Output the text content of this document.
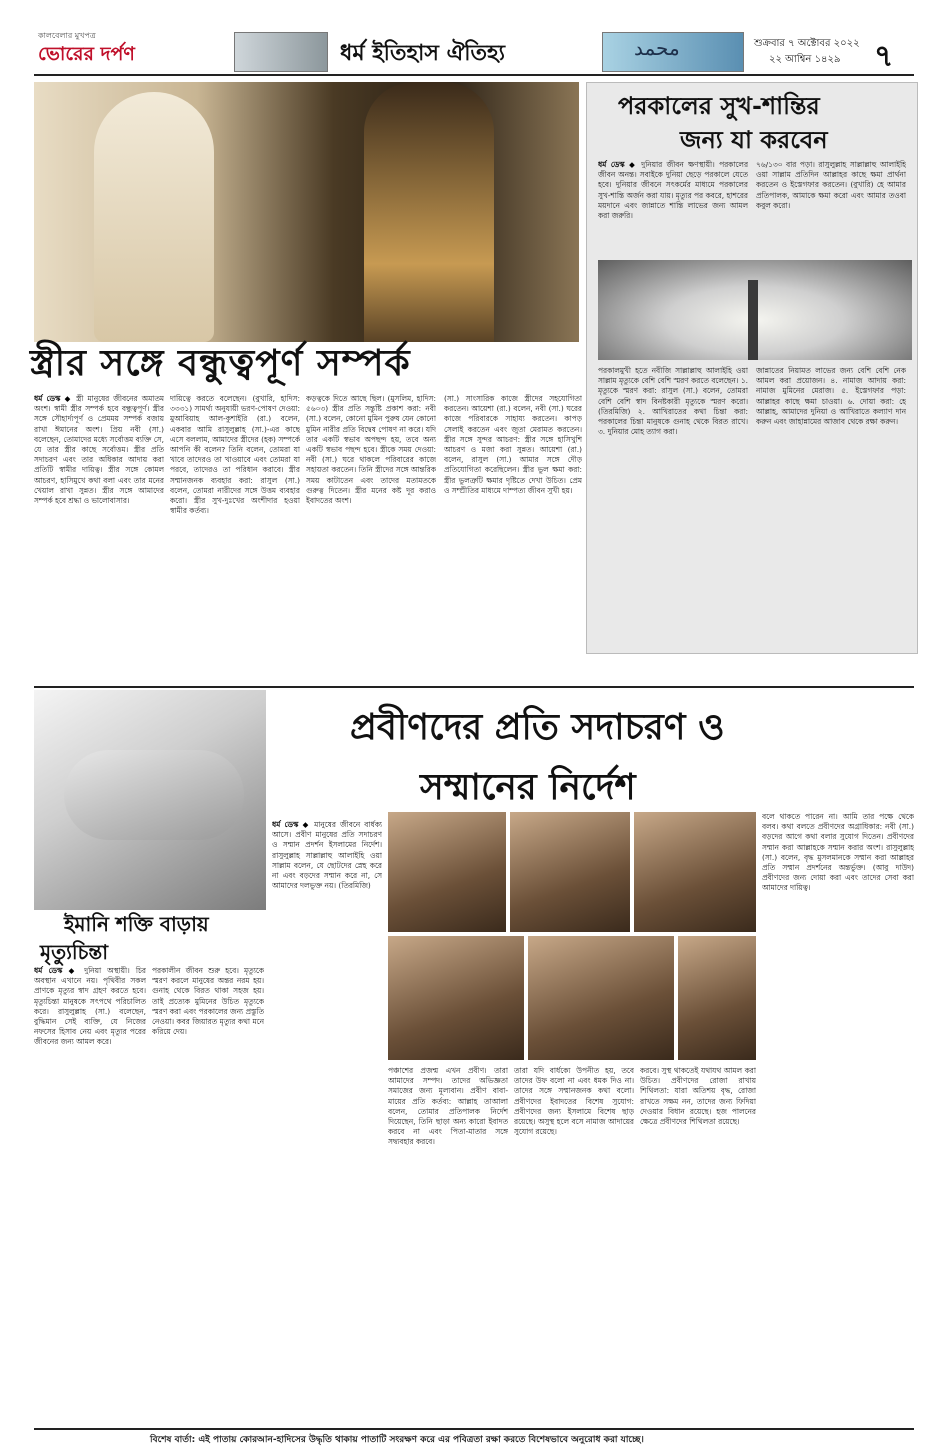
কালবেলার মুখপত্র
ভোরের দর্পণ	ধর্ম ইতিহাস ঐতিহ্য	محمد	শুক্রবার ৭ অক্টোবর ২০২২
২২ আশ্বিন ১৪২৯ ৭
স্ত্রীর সঙ্গে বন্ধুত্বপূর্ণ সম্পর্ক
ধর্ম ডেস্ক ◆ স্ত্রী মানুষের জীবনের অমাতম অংশ। স্বামী স্ত্রীর সম্পর্ক হবে বন্ধুত্বপূর্ণ। স্ত্রীর সঙ্গে সৌহার্দ্যপূর্ণ ও প্রেমময় সম্পর্ক বজায় রাখা ঈমানের অংশ। প্রিয় নবী (সা.) বলেছেন, তোমাদের মধ্যে সর্বোত্তম ব্যক্তি সে, যে তার স্ত্রীর কাছে সর্বোত্তম। স্ত্রীর প্রতি সদাচরণ এবং তার অধিকার আদায় করা প্রতিটি স্বামীর দায়িত্ব। স্ত্রীর সঙ্গে কোমল আচরণ, হাসিমুখে কথা বলা এবং তার মনের খেয়াল রাখা সুন্নত। স্ত্রীর সঙ্গে আমাদের সম্পর্ক হবে শ্রদ্ধা ও ভালোবাসার।
দায়িত্বে করতে বলেছেন। (বুখারি, হাদিস: ৩৩৩১) সামর্থ্য অনুযায়ী ভরণ-পোষণ দেওয়া: মুআবিয়াহ আল-কুশাইরি (রা.) বলেন, একবার আমি রাসুলুল্লাহ (সা.)-এর কাছে এসে বললাম, আমাদের স্ত্রীদের (হক) সম্পর্কে আপনি কী বলেন? তিনি বলেন, তোমরা যা খাবে তাদেরও তা খাওয়াবে এবং তোমরা যা পরবে, তাদেরও তা পরিধান করাবে। স্ত্রীর সম্মানজনক ব্যবহার করা: রাসুল (সা.) বলেন, তোমরা নারীদের সঙ্গে উত্তম ব্যবহার করো। স্ত্রীর সুখ-দুঃখের অংশীদার হওয়া স্বামীর কর্তব্য।
কড়ত্বকে দিতে আছে ছিল। (মুসলিম, হাদিস: ৫৬০৩) স্ত্রীর প্রতি সন্তুষ্টি প্রকাশ করা: নবী (সা.) বলেন, কোনো মুমিন পুরুষ যেন কোনো মুমিন নারীর প্রতি বিদ্বেষ পোষণ না করে। যদি তার একটি স্বভাব অপছন্দ হয়, তবে অন্য একটি স্বভাব পছন্দ হবে। স্ত্রীকে সময় দেওয়া: নবী (সা.) ঘরে থাকলে পরিবারের কাজে সহায়তা করতেন। তিনি স্ত্রীদের সঙ্গে আন্তরিক সময় কাটাতেন এবং তাদের মতামতকে গুরুত্ব দিতেন। স্ত্রীর মনের কষ্ট দূর করাও ইবাদতের অংশ।
(সা.) সাংসারিক কাজে স্ত্রীদের সহযোগিতা করতেন। আয়েশা (রা.) বলেন, নবী (সা.) ঘরের কাজে পরিবারকে সাহায্য করতেন। কাপড় সেলাই করতেন এবং জুতা মেরামত করতেন। স্ত্রীর সঙ্গে সুন্দর আচরণ: স্ত্রীর সঙ্গে হাসিখুশি আচরণ ও মজা করা সুন্নত। আয়েশা (রা.) বলেন, রাসুল (সা.) আমার সঙ্গে দৌড় প্রতিযোগিতা করেছিলেন। স্ত্রীর ভুল ক্ষমা করা: স্ত্রীর ভুলত্রুটি ক্ষমার দৃষ্টিতে দেখা উচিত। প্রেম ও সম্প্রীতির মাধ্যমে দাম্পত্য জীবন সুখী হয়।
পরকালের সুখ-শান্তির
জন্য যা করবেন
ধর্ম ডেস্ক ◆ দুনিয়ার জীবন ক্ষণস্থায়ী। পরকালের জীবন অনন্ত। সবাইকে দুনিয়া ছেড়ে পরকালে যেতে হবে। দুনিয়ার জীবনে সৎকর্মের মাধ্যমে পরকালের সুখ-শান্তি অর্জন করা যায়। মৃত্যুর পর কবরে, হাশরের ময়দানে এবং জান্নাতে শান্তি লাভের জন্য আমল করা জরুরি।
৭৬/১৩০ বার পড়া। রাসুলুল্লাহ সাল্লাল্লাহু আলাইহি ওয়া সাল্লাম প্রতিদিন আল্লাহর কাছে ক্ষমা প্রার্থনা করতেন ও ইস্তেগফার করতেন। (বুখারি) হে আমার প্রতিপালক, আমাকে ক্ষমা করো এবং আমার তওবা কবুল করো।
পরকালমুখী হতে নবীজি সাল্লাল্লাহু আলাইহি ওয়া সাল্লাম মৃত্যুকে বেশি বেশি স্মরণ করতে বলেছেন। ১. মৃত্যুকে স্মরণ করা: রাসুল (সা.) বলেন, তোমরা বেশি বেশি স্বাদ বিনষ্টকারী মৃত্যুকে স্মরণ করো। (তিরমিজি) ২. আখিরাতের কথা চিন্তা করা: পরকালের চিন্তা মানুষকে গুনাহ থেকে বিরত রাখে। ৩. দুনিয়ার মোহ ত্যাগ করা।
জান্নাতের নিয়ামত লাভের জন্য বেশি বেশি নেক আমল করা প্রয়োজন। ৪. নামাজ আদায় করা: নামাজ মুমিনের মেরাজ। ৫. ইস্তেগফার পড়া: আল্লাহর কাছে ক্ষমা চাওয়া। ৬. দোয়া করা: হে আল্লাহ, আমাদের দুনিয়া ও আখিরাতে কল্যাণ দান করুন এবং জাহান্নামের আজাব থেকে রক্ষা করুন।
ইমানি শক্তি বাড়ায়
মৃত্যুচিন্তা
ধর্ম ডেস্ক ◆ দুনিয়া অস্থায়ী। চির অবস্থান এখানে নয়। পৃথিবীর সকল প্রাণকে মৃত্যুর স্বাদ গ্রহণ করতে হবে। মৃত্যুচিন্তা মানুষকে সৎপথে পরিচালিত করে। রাসুলুল্লাহ (সা.) বলেছেন, বুদ্ধিমান সেই ব্যক্তি, যে নিজের নফসের হিসাব নেয় এবং মৃত্যুর পরের জীবনের জন্য আমল করে।
পরকালীন জীবন শুরু হবে। মৃত্যুকে স্মরণ করলে মানুষের অন্তর নরম হয়। গুনাহ থেকে বিরত থাকা সহজ হয়। তাই প্রত্যেক মুমিনের উচিত মৃত্যুকে স্মরণ করা এবং পরকালের জন্য প্রস্তুতি নেওয়া। কবর জিয়ারত মৃত্যুর কথা মনে করিয়ে দেয়।
প্রবীণদের প্রতি সদাচরণ ও
সম্মানের নির্দেশ
ধর্ম ডেস্ক ◆ মানুষের জীবনে বার্ধক্য আসে। প্রবীণ মানুষের প্রতি সদাচরণ ও সম্মান প্রদর্শন ইসলামের নির্দেশ। রাসুলুল্লাহ সাল্লাল্লাহু আলাইহি ওয়া সাল্লাম বলেন, যে ছোটদের স্নেহ করে না এবং বড়দের সম্মান করে না, সে আমাদের দলভুক্ত নয়। (তিরমিজি)
পঞ্চাশের প্রজন্ম এখন প্রবীণ। তারা আমাদের সম্পদ। তাদের অভিজ্ঞতা সমাজের জন্য মূল্যবান। প্রবীণ বাবা-মায়ের প্রতি কর্তব্য: আল্লাহ তাআলা বলেন, তোমার প্রতিপালক নির্দেশ দিয়েছেন, তিনি ছাড়া অন্য কারো ইবাদত করবে না এবং পিতা-মাতার সঙ্গে সদ্ব্যবহার করবে।
তারা যদি বার্ধক্যে উপনীত হয়, তবে তাদের উফ বলো না এবং ধমক দিও না। তাদের সঙ্গে সম্মানজনক কথা বলো। প্রবীণদের ইবাদতের বিশেষ সুযোগ: প্রবীণদের জন্য ইসলামে বিশেষ ছাড় রয়েছে। অসুস্থ হলে বসে নামাজ আদায়ের সুযোগ রয়েছে।
করবে। সুস্থ থাকতেই যথাযথ আমল করা উচিত। প্রবীণদের রোজা রাখায় শিথিলতা: যারা অতিশয় বৃদ্ধ, রোজা রাখতে সক্ষম নন, তাদের জন্য ফিদিয়া দেওয়ার বিধান রয়েছে। হজ পালনের ক্ষেত্রে প্রবীণদের শিথিলতা রয়েছে।
বলে থাকতে পারেন না। আমি তার পক্ষে থেকে বলব। কথা বলতে প্রবীণদের অগ্রাধিকার: নবী (সা.) বড়দের আগে কথা বলার সুযোগ দিতেন। প্রবীণদের সম্মান করা আল্লাহকে সম্মান করার অংশ। রাসুলুল্লাহ (সা.) বলেন, বৃদ্ধ মুসলমানকে সম্মান করা আল্লাহর প্রতি সম্মান প্রদর্শনের অন্তর্ভুক্ত। (আবু দাউদ) প্রবীণদের জন্য দোয়া করা এবং তাদের সেবা করা আমাদের দায়িত্ব।
বিশেষ বার্তা: এই পাতায় কোরআন-হাদিসের উদ্ধৃতি থাকায় পাতাটি সংরক্ষণ করে এর পবিত্রতা রক্ষা করতে বিশেষভাবে অনুরোধ করা যাচ্ছে।
